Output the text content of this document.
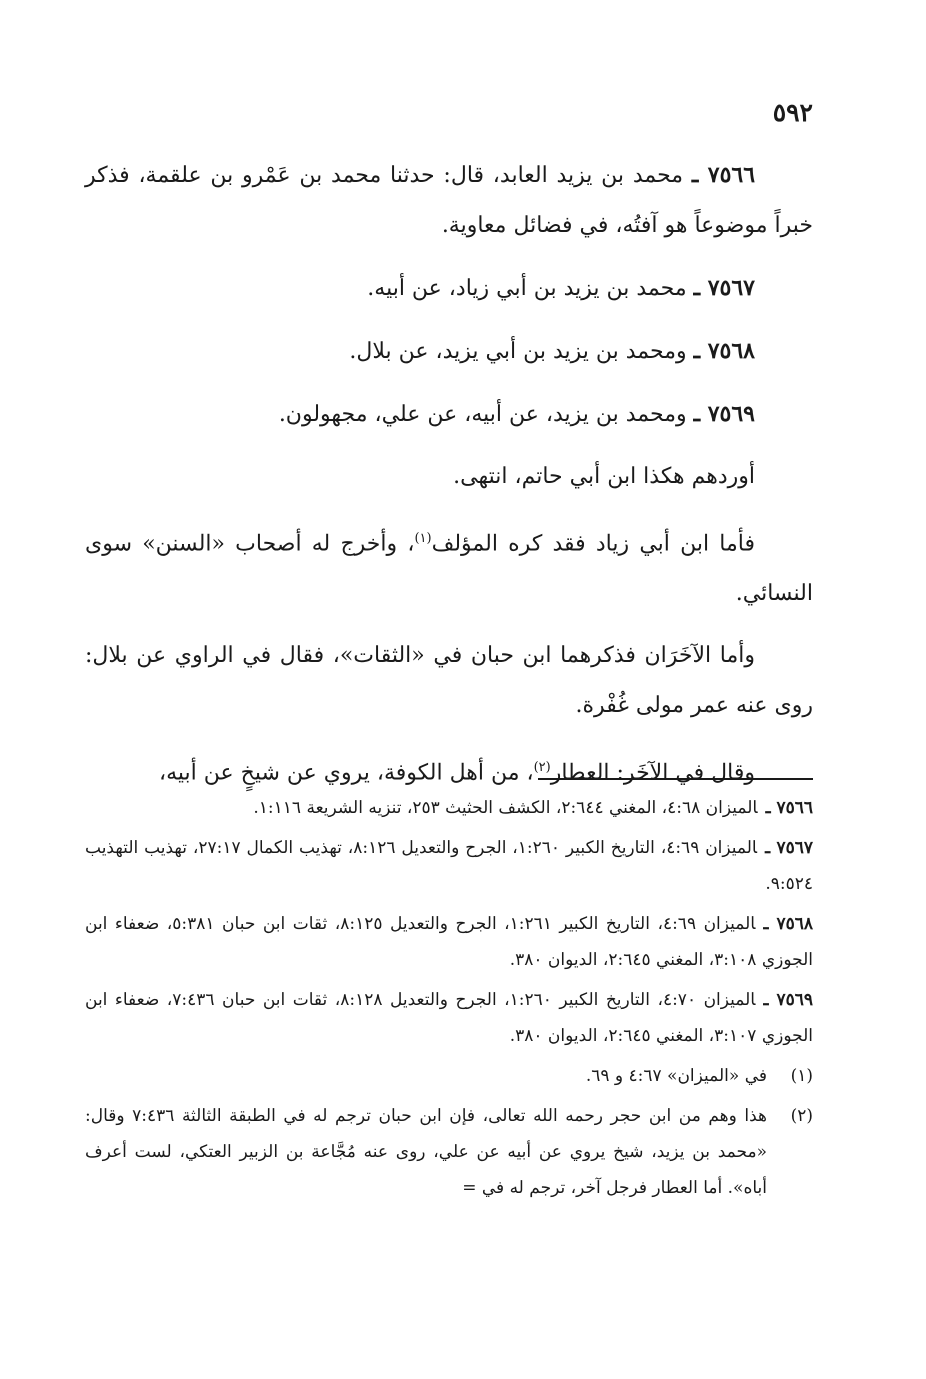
٥٩٢

٧٥٦٦ ـ محمد بن يزيد العابد، قال: حدثنا محمد بن عَمْرو بن علقمة، فذكر خبراً موضوعاً هو آفتُه، في فضائل معاوية.

٧٥٦٧ ـ محمد بن يزيد بن أبي زياد، عن أبيه.

٧٥٦٨ ـ ومحمد بن يزيد بن أبي يزيد، عن بلال.

٧٥٦٩ ـ ومحمد بن يزيد، عن أبيه، عن علي، مجهولون.

أوردهم هكذا ابن أبي حاتم، انتهى.

فأما ابن أبي زياد فقد كره المؤلف$^{(١)}$، وأخرج له أصحاب «السنن» سوى النسائي.

وأما الآخَرَان فذكرهما ابن حبان في «الثقات»، فقال في الراوي عن بلال: روى عنه عمر مولى غُفْرة.

وقال في الآخَر: العطار$^{(٢)}$، من أهل الكوفة، يروي عن شيخٍ عن أبيه،

٧٥٦٦ ـالميزان ٤:٦٨، المغني ٢:٦٤٤، الكشف الحثيث ٢٥٣، تنزيه الشريعة ١:١١٦.

٧٥٦٧ ـالميزان ٤:٦٩، التاريخ الكبير ١:٢٦٠، الجرح والتعديل ٨:١٢٦، تهذيب الكمال ٢٧:١٧، تهذيب التهذيب ٩:٥٢٤.

٧٥٦٨ ـالميزان ٤:٦٩، التاريخ الكبير ١:٢٦١، الجرح والتعديل ٨:١٢٥، ثقات ابن حبان ٥:٣٨١، ضعفاء ابن الجوزي ٣:١٠٨، المغني ٢:٦٤٥، الديوان ٣٨٠.

٧٥٦٩ ـالميزان ٤:٧٠، التاريخ الكبير ١:٢٦٠، الجرح والتعديل ٨:١٢٨، ثقات ابن حبان ٧:٤٣٦، ضعفاء ابن الجوزي ٣:١٠٧، المغني ٢:٦٤٥، الديوان ٣٨٠.

(١)
في «الميزان» ٤:٦٧ و ٦٩.
(٢)
هذا وهم من ابن حجر رحمه الله تعالى، فإن ابن حبان ترجم له في الطبقة الثالثة ٧:٤٣٦ وقال: «محمد بن يزيد، شيخ يروي عن أبيه عن علي، روى عنه مُجَّاعة بن الزبير العتكي، لست أعرف أباه». أما العطار فرجل آخر، ترجم له في =
